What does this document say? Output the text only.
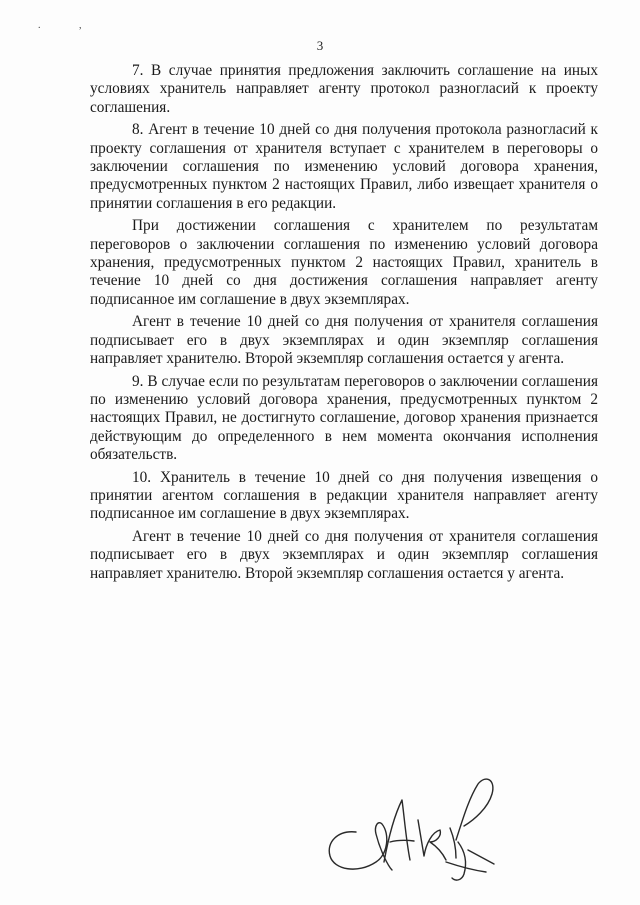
. ,
3

7. В случае принятия предложения заключить соглашение на иных условиях хранитель направляет агенту протокол разногласий к проекту соглашения.

8. Агент в течение 10 дней со дня получения протокола разногласий к проекту соглашения от хранителя вступает с хранителем в переговоры о заключении соглашения по изменению условий договора хранения, предусмотренных пунктом 2 настоящих Правил, либо извещает хранителя о принятии соглашения в его редакции.

При достижении соглашения с хранителем по результатам переговоров о заключении соглашения по изменению условий договора хранения, предусмотренных пунктом 2 настоящих Правил, хранитель в течение 10 дней со дня достижения соглашения направляет агенту подписанное им соглашение в двух экземплярах.

Агент в течение 10 дней со дня получения от хранителя соглашения подписывает его в двух экземплярах и один экземпляр соглашения направляет хранителю. Второй экземпляр соглашения остается у агента.

9. В случае если по результатам переговоров о заключении соглашения по изменению условий договора хранения, предусмотренных пунктом 2 настоящих Правил, не достигнуто соглашение, договор хранения признается действующим до определенного в нем момента окончания исполнения обязательств.

10. Хранитель в течение 10 дней со дня получения извещения о принятии агентом соглашения в редакции хранителя направляет агенту подписанное им соглашение в двух экземплярах.

Агент в течение 10 дней со дня получения от хранителя соглашения подписывает его в двух экземплярах и один экземпляр соглашения направляет хранителю. Второй экземпляр соглашения остается у агента.
